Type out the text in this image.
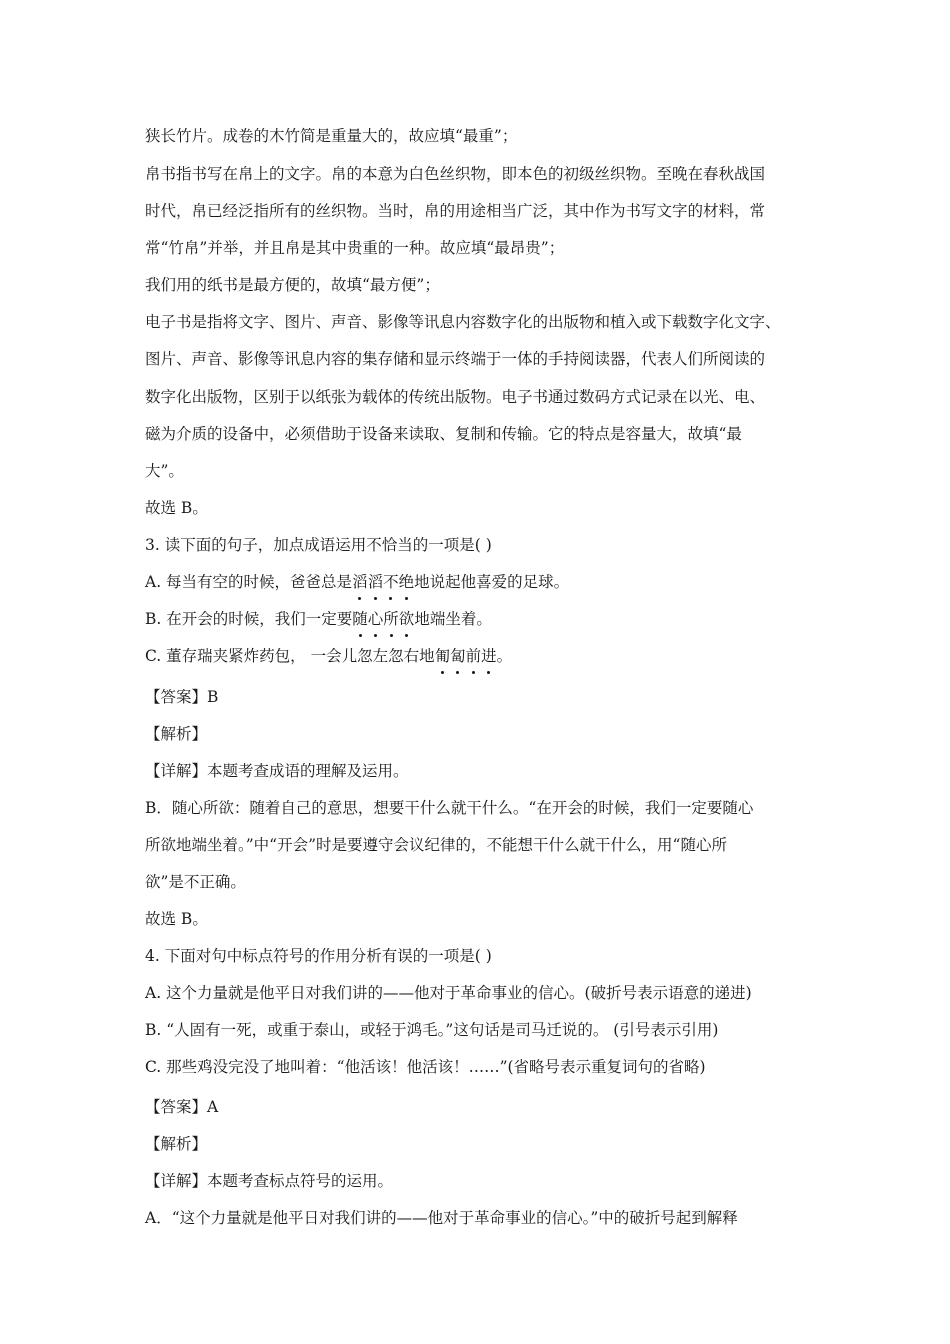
狭长竹片。成卷的木竹简是重量大的，故应填“最重”；
帛书指书写在帛上的文字。帛的本意为白色丝织物，即本色的初级丝织物。至晚在春秋战国
时代，帛已经泛指所有的丝织物。当时，帛的用途相当广泛，其中作为书写文字的材料，常
常“竹帛”并举，并且帛是其中贵重的一种。故应填“最昂贵”；
我们用的纸书是最方便的，故填“最方便”；
电子书是指将文字、图片、声音、影像等讯息内容数字化的出版物和植入或下载数字化文字、
图片、声音、影像等讯息内容的集存储和显示终端于一体的手持阅读器，代表人们所阅读的
数字化出版物，区别于以纸张为载体的传统出版物。电子书通过数码方式记录在以光、电、
磁为介质的设备中，必须借助于设备来读取、复制和传输。它的特点是容量大，故填“最
大”。
故选 B。
3. 读下面的句子，加点成语运用不恰当的一项是( )
A. 每当有空的时候，爸爸总是滔滔不绝地说起他喜爱的足球。
B. 在开会的时候，我们一定要随心所欲地端坐着。
C. 董存瑞夹紧炸药包， 一会儿忽左忽右地匍匐前进。
【答案】B
【解析】
【详解】本题考查成语的理解及运用。
B．随心所欲：随着自己的意思，想要干什么就干什么。“在开会的时候，我们一定要随心
所欲地端坐着。”中“开会”时是要遵守会议纪律的，不能想干什么就干什么，用“随心所
欲”是不正确。
故选 B。
4. 下面对句中标点符号的作用分析有误的一项是( )
A. 这个力量就是他平日对我们讲的——他对于革命事业的信心。(破折号表示语意的递进)
B. “人固有一死，或重于泰山，或轻于鸿毛。”这句话是司马迁说的。 (引号表示引用)
C. 那些鸡没完没了地叫着：“他活该！他活该！……”(省略号表示重复词句的省略)
【答案】A
【解析】
【详解】本题考查标点符号的运用。
A．“这个力量就是他平日对我们讲的——他对于革命事业的信心。”中的破折号起到解释
